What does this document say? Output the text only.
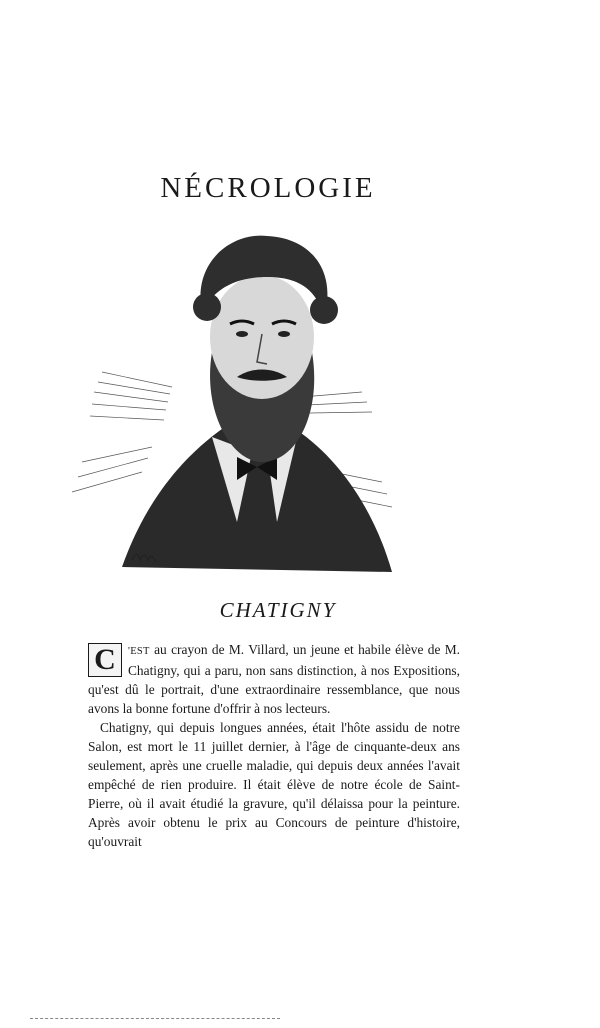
NÉCROLOGIE
CHATIGNY

C	'EST au crayon de M. Villard, un jeune et habile élève de M. Chatigny, qui a paru, non sans distinction, à nos Expositions, qu'est dû le portrait, d'une extraordinaire ressemblance, que nous avons la bonne fortune d'offrir à nos lecteurs.

Chatigny, qui depuis longues années, était l'hôte assidu de notre Salon, est mort le 11 juillet dernier, à l'âge de cinquante-deux ans seulement, après une cruelle maladie, qui depuis deux années l'avait empêché de rien produire. Il était élève de notre école de Saint-Pierre, où il avait étudié la gravure, qu'il délaissa pour la peinture. Après avoir obtenu le prix au Concours de peinture d'histoire, qu'ouvrait
